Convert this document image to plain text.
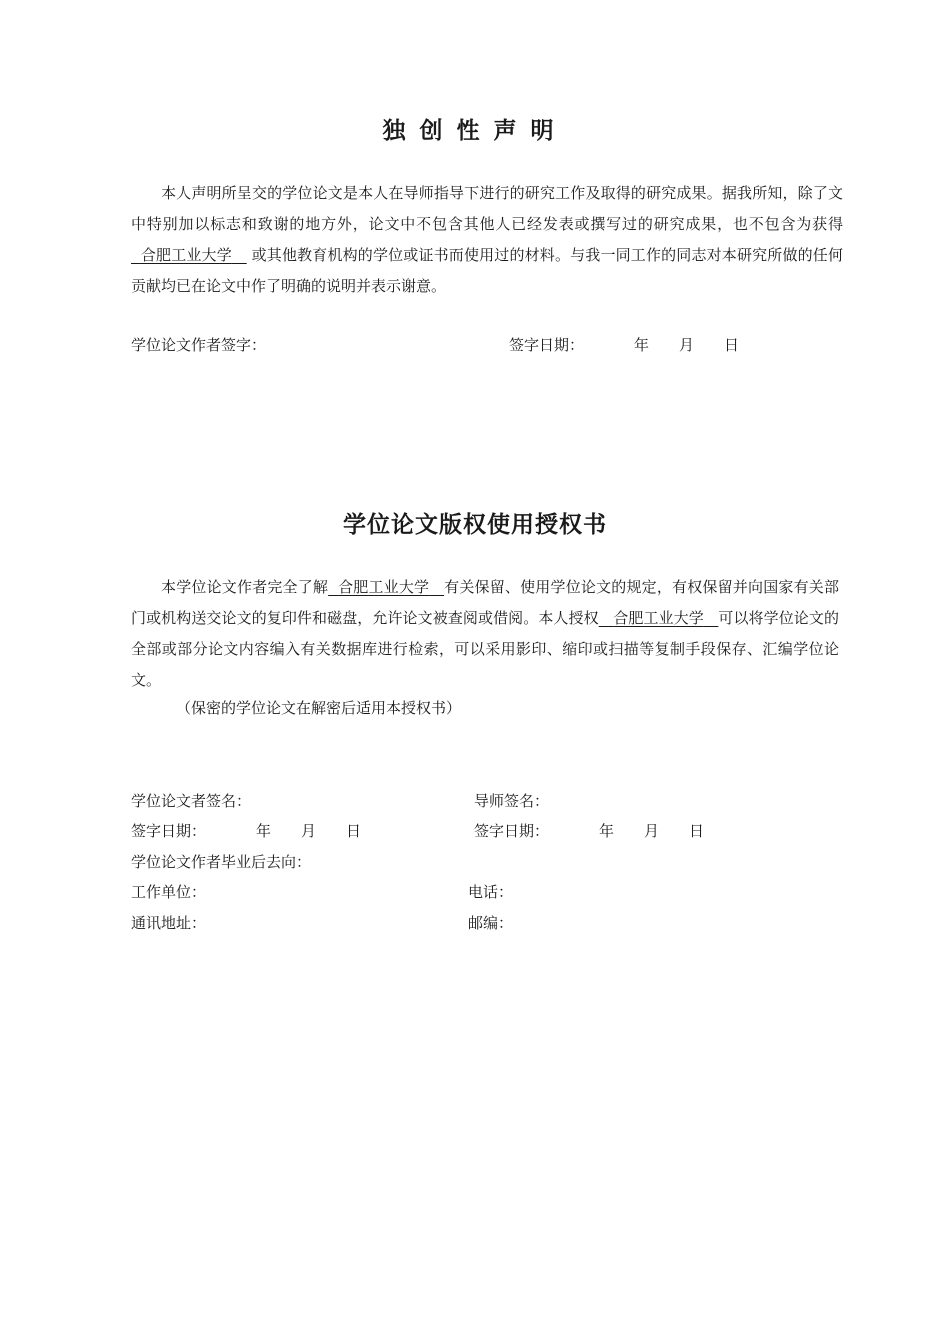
独创性声明
本人声明所呈交的学位论文是本人在导师指导下进行的研究工作及取得的研究成果。据我所知，除了文中特别加以标志和致谢的地方外，论文中不包含其他人已经发表或撰写过的研究成果，也不包含为获得  合肥工业大学 或其他教育机构的学位或证书而使用过的材料。与我一同工作的同志对本研究所做的任何贡献均已在论文中作了明确的说明并表示谢意。
学位论文作者签字：	签字日期：	年 月 日
学位论文版权使用授权书
本学位论文作者完全了解 合肥工业大学 有关保留、使用学位论文的规定，有权保留并向国家有关部门或机构送交论文的复印件和磁盘，允许论文被查阅或借阅。本人授权 合肥工业大学 可以将学位论文的全部或部分论文内容编入有关数据库进行检索，可以采用影印、缩印或扫描等复制手段保存、汇编学位论文。
（保密的学位论文在解密后适用本授权书）
学位论文者签名：	导师签名：
签字日期：	年 月 日	签字日期：	年 月 日
学位论文作者毕业后去向：
工作单位：	电话：
通讯地址：	邮编：
